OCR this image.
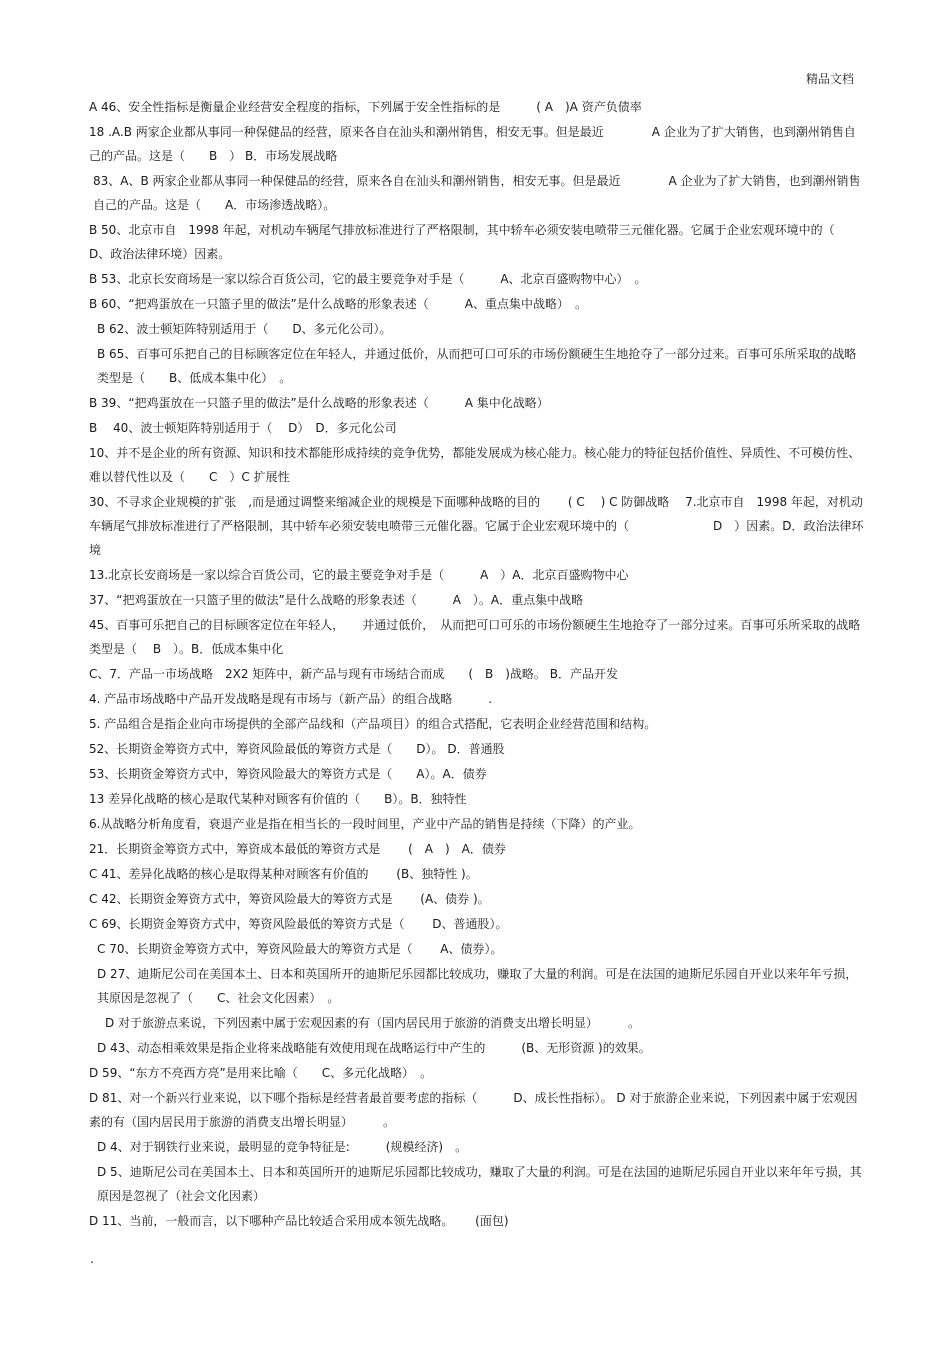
精品文档

A 46、安全性指标是衡量企业经营安全程度的指标，下列属于安全性指标的是　　　( A　)A 资产负债率

18 .A.B 两家企业都从事同一种保健品的经营，原来各自在汕头和潮州销售，相安无事。但是最近　　　　A 企业为了扩大销售，也到潮州销售自己的产品。这是（　　B　） B．市场发展战略

83、A、B 两家企业都从事同一种保健品的经营，原来各自在汕头和潮州销售，相安无事。但是最近　　　　A 企业为了扩大销售，也到潮州销售自己的产品。这是（　　A．市场渗透战略）。

B 50、北京市自　1998 年起，对机动车辆尾气排放标准进行了严格限制，其中轿车必须安装电喷带三元催化器。它属于企业宏观环境中的（　D、政治法律环境）因素。

B 53、北京长安商场是一家以综合百货公司，它的最主要竞争对手是（　　　A、北京百盛购物中心）　。

B 60、“把鸡蛋放在一只篮子里的做法”是什么战略的形象表述（　　　A、重点集中战略）　。

B 62、波士顿矩阵特别适用于（　　D、多元化公司）。

B 65、百事可乐把自己的目标顾客定位在年轻人，并通过低价，从而把可口可乐的市场份额硬生生地抢夺了一部分过来。百事可乐所采取的战略类型是（　　B、低成本集中化）　。

B 39、“把鸡蛋放在一只篮子里的做法”是什么战略的形象表述（　　　A 集中化战略）

B　 40、波士顿矩阵特别适用于（　 D）　D．多元化公司

10、并不是企业的所有资源、知识和技术都能形成持续的竞争优势，都能发展成为核心能力。核心能力的特征包括价值性、异质性、不可模仿性、难以替代性以及（　　C　）C 扩展性

30、不寻求企业规模的扩张　,而是通过调整来缩减企业的规模是下面哪种战略的目的　　 ( C　 ) C 防御战略　 7.北京市自　1998 年起，对机动车辆尾气排放标准进行了严格限制，其中轿车必须安装电喷带三元催化器。它属于企业宏观环境中的（　　　　　　　D　）因素。D．政治法律环境

13.北京长安商场是一家以综合百货公司，它的最主要竞争对手是（　　　A　）A．北京百盛购物中心

37、“把鸡蛋放在一只篮子里的做法”是什么战略的形象表述（　　　A　）。A．重点集中战略

45、百事可乐把自己的目标顾客定位在年轻人，　　并通过低价，　从而把可口可乐的市场份额硬生生地抢夺了一部分过来。百事可乐所采取的战略类型是（　 B　）。B．低成本集中化

C、7．产品一市场战略　2X2 矩阵中，新产品与现有市场结合而成　　(　B　)战略。 B．产品开发

4. 产品市场战略中产品开发战略是现有市场与（新产品）的组合战略　　　.

5. 产品组合是指企业向市场提供的全部产品线和（产品项目）的组合式搭配，它表明企业经营范围和结构。

52、长期资金筹资方式中，筹资风险最低的筹资方式是（　　D）。 D．普通股

53、长期资金筹资方式中，筹资风险最大的筹资方式是（　　A）。A．债券

13 差异化战略的核心是取代某种对顾客有价值的（　　B）。B．独特性

6.从战略分析角度看，衰退产业是指在相当长的一段时间里，产业中产品的销售是持续（下降）的产业。

21．长期资金筹资方式中，筹资成本最低的筹资方式是　　 (　A　)　A．债券

C 41、差异化战略的核心是取得某种对顾客有价值的　　 (B、独特性 )。

C 42、长期资金筹资方式中，筹资风险最大的筹资方式是　　 (A、债券 )。

C 69、长期资金筹资方式中，筹资风险最低的筹资方式是（　　 D、普通股）。

C 70、长期资金筹资方式中，筹资风险最大的筹资方式是（　　 A、债券）。

D 27、迪斯尼公司在美国本土、日本和英国所开的迪斯尼乐园都比较成功，赚取了大量的利润。可是在法国的迪斯尼乐园自开业以来年年亏损，其原因是忽视了（　　C、社会文化因素）　。

D 对于旅游点来说，下列因素中属于宏观因素的有（国内居民用于旅游的消费支出增长明显）　　　。

D 43、动态相乘效果是指企业将来战略能有效使用现在战略运行中产生的　　　(B、无形资源 )的效果。

D 59、“东方不亮西方亮”是用来比喻（　　C、多元化战略）　。

D 81、对一个新兴行业来说，以下哪个指标是经营者最首要考虑的指标（　　　D、成长性指标）。 D 对于旅游企业来说，下列因素中属于宏观因素的有（国内居民用于旅游的消费支出增长明显）　　　。

D 4、对于钢铁行业来说，最明显的竞争特征是:　　　(规模经济)　。

D 5、迪斯尼公司在美国本土、日本和英国所开的迪斯尼乐园都比较成功，赚取了大量的利润。可是在法国的迪斯尼乐园自开业以来年年亏损，其原因是忽视了（社会文化因素）

D 11、当前，一般而言，以下哪种产品比较适合采用成本领先战略。　　 (面包)

.
